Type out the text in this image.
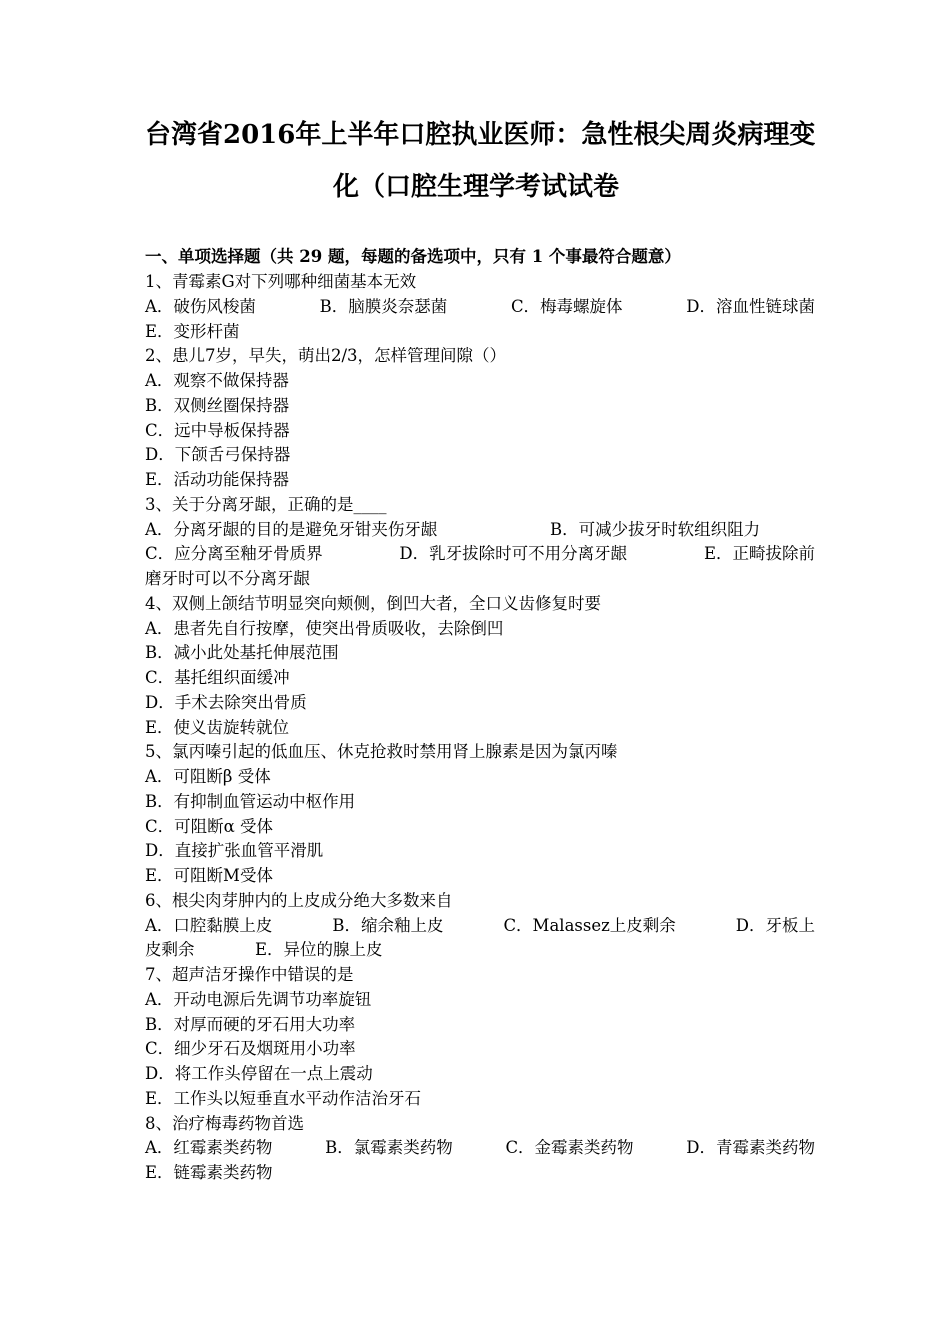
台湾省2016年上半年口腔执业医师：急性根尖周炎病理变
化（口腔生理学考试试卷
一、单项选择题（共 29 题，每题的备选项中，只有 1 个事最符合题意）
1、青霉素G对下列哪种细菌基本无效
A．破伤风梭菌	B．脑膜炎奈瑟菌	C．梅毒螺旋体	D．溶血性链球菌
E．变形杆菌
2、患儿7岁，早失，萌出2/3，怎样管理间隙（）
A．观察不做保持器
B．双侧丝圈保持器
C．远中导板保持器
D．下颌舌弓保持器
E．活动功能保持器
3、关于分离牙龈，正确的是____
A．分离牙龈的目的是避免牙钳夹伤牙龈	B．可减少拔牙时软组织阻力
C．应分离至釉牙骨质界	D．乳牙拔除时可不用分离牙龈	E．正畸拔除前
磨牙时可以不分离牙龈
4、双侧上颌结节明显突向颊侧，倒凹大者，全口义齿修复时要
A．患者先自行按摩，使突出骨质吸收，去除倒凹
B．减小此处基托伸展范围
C．基托组织面缓冲
D．手术去除突出骨质
E．使义齿旋转就位
5、氯丙嗪引起的低血压、休克抢救时禁用肾上腺素是因为氯丙嗪
A．可阻断β 受体
B．有抑制血管运动中枢作用
C．可阻断α 受体
D．直接扩张血管平滑肌
E．可阻断M受体
6、根尖肉芽肿内的上皮成分绝大多数来自
A．口腔黏膜上皮	B．缩余釉上皮	C．Malassez上皮剩余	D．牙板上
皮剩余	E．异位的腺上皮
7、超声洁牙操作中错误的是
A．开动电源后先调节功率旋钮
B．对厚而硬的牙石用大功率
C．细少牙石及烟斑用小功率
D．将工作头停留在一点上震动
E．工作头以短垂直水平动作洁治牙石
8、治疗梅毒药物首选
A．红霉素类药物	B．氯霉素类药物	C．金霉素类药物	D．青霉素类药物
E．链霉素类药物
